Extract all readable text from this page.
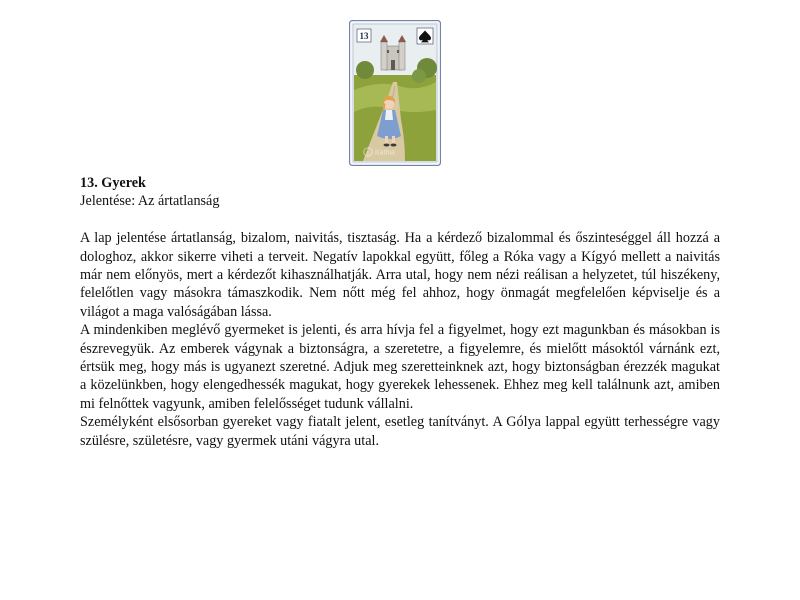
13
c Kathia

13. Gyerek

Jelentése: Az ártatlanság

A lap jelentése ártatlanság, bizalom, naivitás, tisztaság. Ha a kérdező bizalommal és őszinteséggel áll hozzá a dologhoz, akkor sikerre viheti a terveit. Negatív lapokkal együtt, főleg a Róka vagy a Kígyó mellett a naivitás már nem előnyös, mert a kérdezőt kihasználhatják. Arra utal, hogy nem nézi reálisan a helyzetet, túl hiszékeny, felelőtlen vagy másokra támaszkodik. Nem nőtt még fel ahhoz, hogy önmagát megfelelően képviselje és a világot a maga valóságában lássa.

A mindenkiben meglévő gyermeket is jelenti, és arra hívja fel a figyelmet, hogy ezt magunkban és másokban is észrevegyük. Az emberek vágynak a biztonságra, a szeretetre, a figyelemre, és mielőtt másoktól várnánk ezt, értsük meg, hogy más is ugyanezt szeretné. Adjuk meg szeretteinknek azt, hogy biztonságban érezzék magukat a közelünkben, hogy elengedhessék magukat, hogy gyerekek lehessenek. Ehhez meg kell találnunk azt, amiben mi felnőttek vagyunk, amiben felelősséget tudunk vállalni.

Személyként elsősorban gyereket vagy fiatalt jelent, esetleg tanítványt. A Gólya lappal együtt terhességre vagy szülésre, születésre, vagy gyermek utáni vágyra utal.
